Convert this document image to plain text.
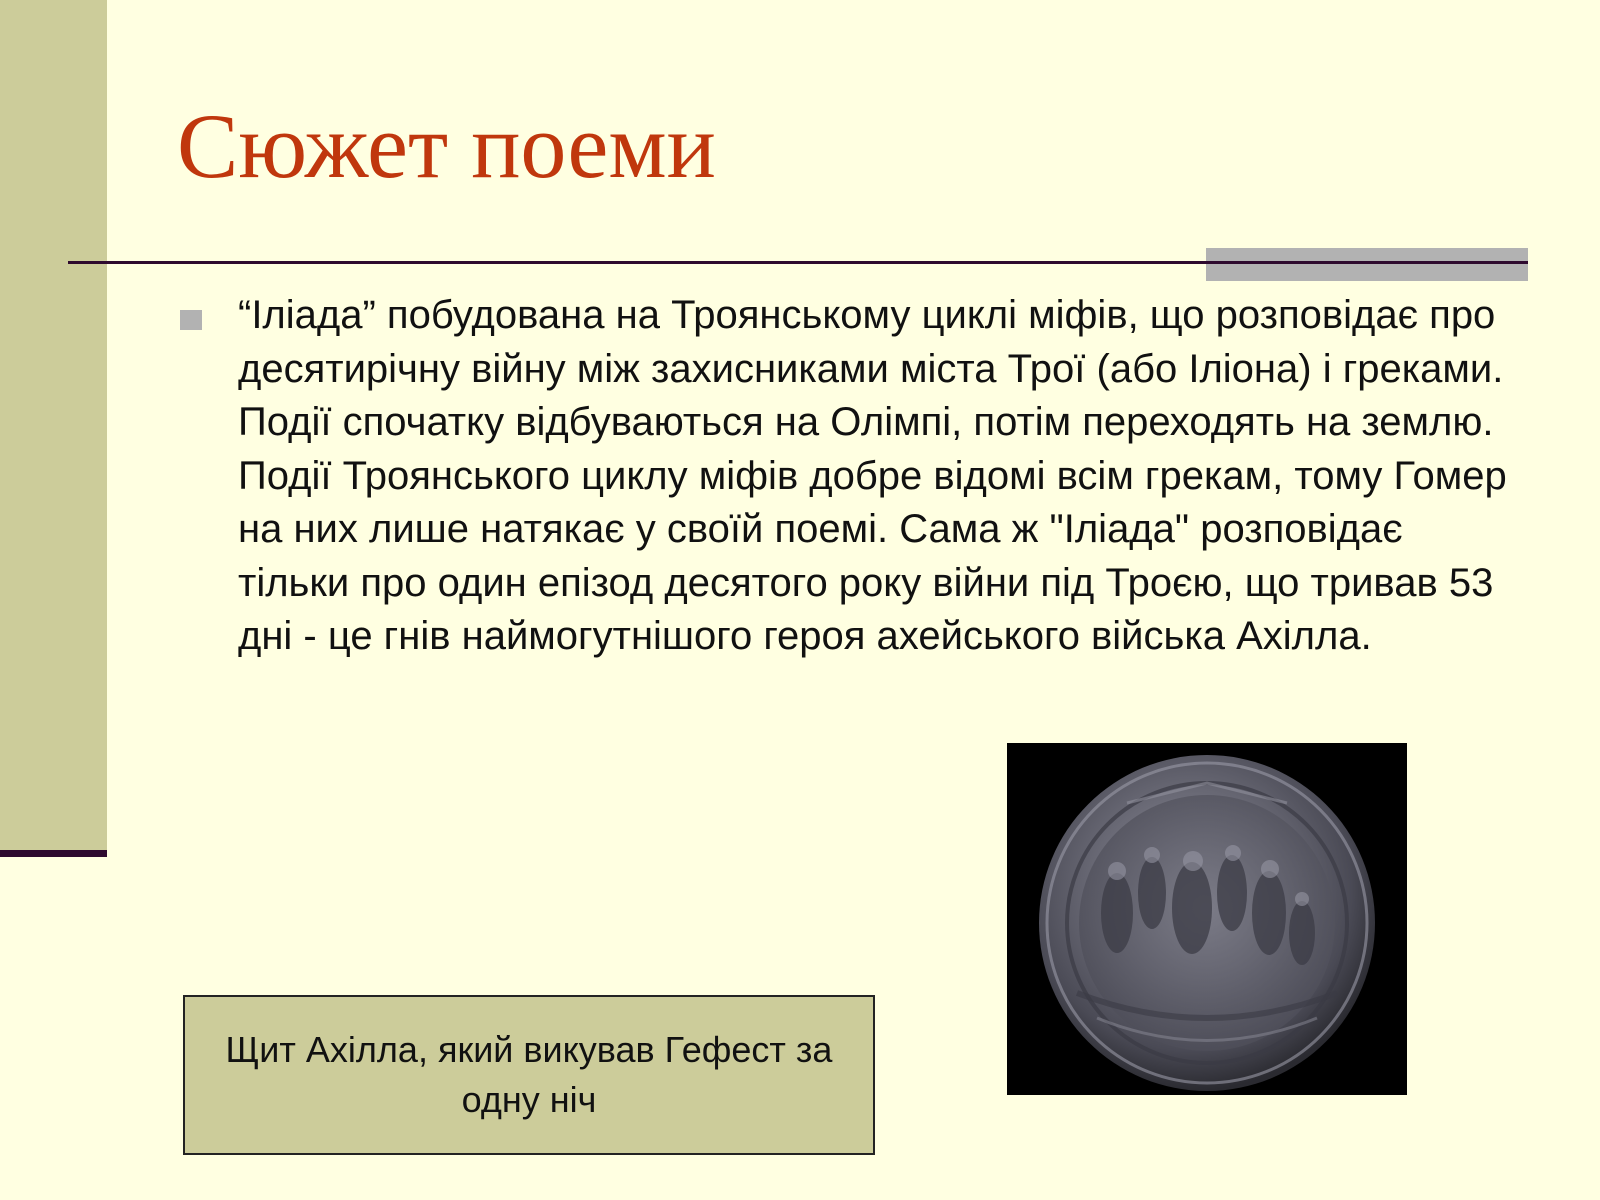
Сюжет поеми
“Іліада” побудована на Троянському циклі міфів, що розповідає про десятирічну війну між захисниками міста Трої (або Іліона) і греками. Події спочатку відбуваються на Олімпі, потім переходять на землю. Події Троянського циклу міфів добре відомі всім грекам, тому Гомер на них лише натякає у своїй поемі. Сама ж "Іліада" розповідає тільки про один епізод десятого року війни під Троєю, що тривав 53 дні - це гнів наймогутнішого героя ахейського війська Ахілла.
Щит Ахілла, який викував Гефест за одну ніч
